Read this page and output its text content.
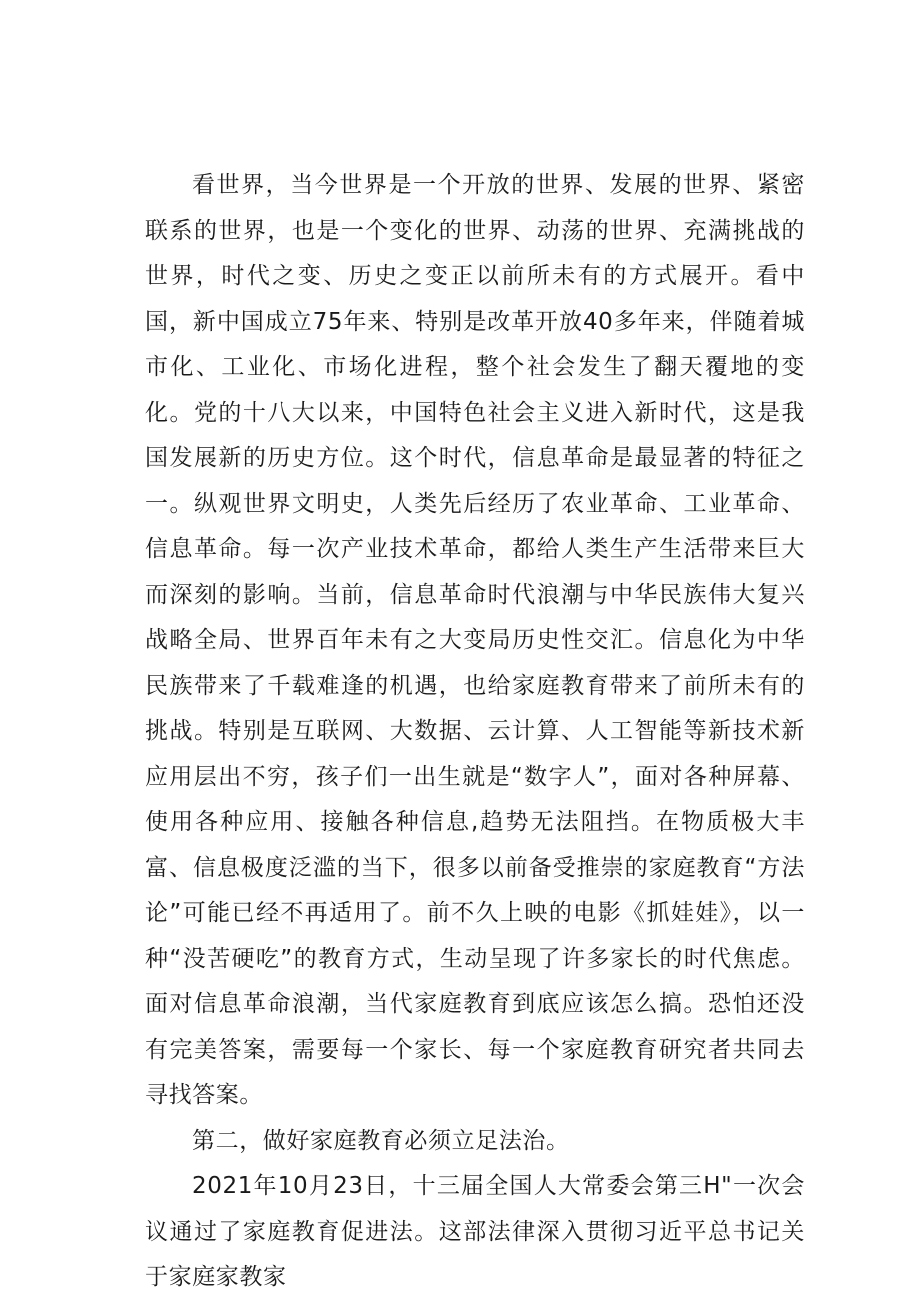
看世界，当今世界是一个开放的世界、发展的世界、紧密联系的世界，也是一个变化的世界、动荡的世界、充满挑战的世界，时代之变、历史之变正以前所未有的方式展开。看中国，新中国成立75年来、特别是改革开放40多年来，伴随着城市化、工业化、市场化进程，整个社会发生了翻天覆地的变化。党的十八大以来，中国特色社会主义进入新时代，这是我国发展新的历史方位。这个时代，信息革命是最显著的特征之一。纵观世界文明史，人类先后经历了农业革命、工业革命、信息革命。每一次产业技术革命，都给人类生产生活带来巨大而深刻的影响。当前，信息革命时代浪潮与中华民族伟大复兴战略全局、世界百年未有之大变局历史性交汇。信息化为中华民族带来了千载难逢的机遇，也给家庭教育带来了前所未有的挑战。特别是互联网、大数据、云计算、人工智能等新技术新应用层出不穷，孩子们一出生就是“数字人”，面对各种屏幕、使用各种应用、接触各种信息,趋势无法阻挡。在物质极大丰富、信息极度泛滥的当下，很多以前备受推崇的家庭教育“方法论”可能已经不再适用了。前不久上映的电影《抓娃娃》，以一种“没苦硬吃”的教育方式，生动呈现了许多家长的时代焦虑。面对信息革命浪潮，当代家庭教育到底应该怎么搞。恐怕还没有完美答案，需要每一个家长、每一个家庭教育研究者共同去寻找答案。

第二，做好家庭教育必须立足法治。

2021年10月23日，十三届全国人大常委会第三H"一次会议通过了家庭教育促进法。这部法律深入贯彻习近平总书记关于家庭家教家
